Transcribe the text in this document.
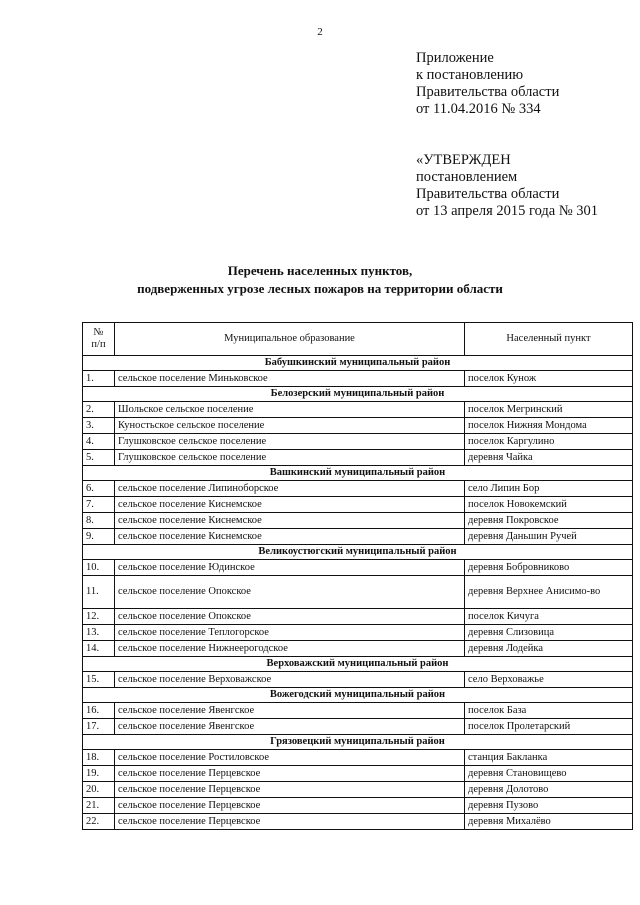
2
Приложение
к постановлению
Правительства области
от 11.04.2016 № 334
«УТВЕРЖДЕН
постановлением
Правительства области
от 13 апреля 2015 года № 301
Перечень населенных пунктов,
подверженных угрозе лесных пожаров на территории области
№
п/п	Муниципальное образование	Населенный пункт
Бабушкинский муниципальный район		
1.	сельское поселение Миньковское	поселок Кунож
Белозерский муниципальный район		
2.	Шольское сельское поселение	поселок Мегринский
3.	Куностьское сельское поселение	поселок Нижняя Мондома
4.	Глушковское сельское поселение	поселок Каргулино
5.	Глушковское сельское поселение	деревня Чайка
Вашкинский муниципальный район		
6.	сельское поселение Липиноборское	село Липин Бор
7.	сельское поселение Киснемское	поселок Новокемский
8.	сельское поселение Киснемское	деревня Покровское
9.	сельское поселение Киснемское	деревня Даньшин Ручей
Великоустюгский муниципальный район		
10.	сельское поселение Юдинское	деревня Бобровниково
11.	сельское поселение Опокское	деревня Верхнее Анисимо-во
12.	сельское поселение Опокское	поселок Кичуга
13.	сельское поселение Теплогорское	деревня Слизовица
14.	сельское поселение Нижнеерогодское	деревня Лодейка
Верховажский муниципальный район		
15.	сельское поселение Верховажское	село Верховажье
Вожегодский муниципальный район		
16.	сельское поселение Явенгское	поселок База
17.	сельское поселение Явенгское	поселок Пролетарский
Грязовецкий муниципальный район		
18.	сельское поселение Ростиловское	станция Бакланка
19.	сельское поселение Перцевское	деревня Становищево
20.	сельское поселение Перцевское	деревня Долотово
21.	сельское поселение Перцевское	деревня Пузово
22.	сельское поселение Перцевское	деревня Михалёво
